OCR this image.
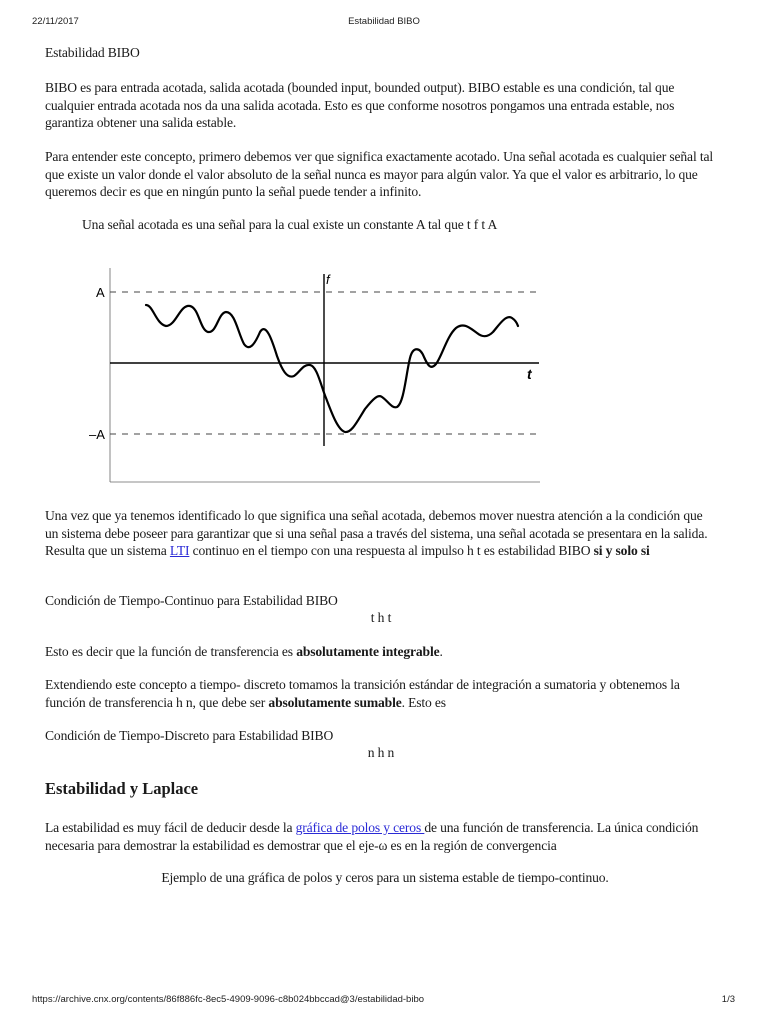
22/11/2017	Estabilidad BIBO
Estabilidad BIBO

BIBO es para entrada acotada, salida acotada (bounded input, bounded output). BIBO estable es una condición, tal que cualquier entrada acotada nos da una salida acotada. Esto es que conforme nosotros pongamos una entrada estable, nos garantiza obtener una salida estable.

Para entender este concepto, primero debemos ver que significa exactamente acotado. Una señal acotada es cualquier señal tal que existe un valor donde el valor absoluto de la señal nunca es mayor para algún valor. Ya que el valor es arbitrario, lo que queremos decir es que en ningún punto la señal puede tender a infinito.

Una señal acotada es una señal para la cual existe un constante A tal que t f t A
f
t
A
–A

Una vez que ya tenemos identificado lo que significa una señal acotada, debemos mover nuestra atención a la condición que un sistema debe poseer para garantizar que si una señal pasa a través del sistema, una señal acotada se presentara en la salida. Resulta que un sistema LTI continuo en el tiempo con una respuesta al impulso h t es estabilidad BIBO si y solo si

Condición de Tiempo-Continuo para Estabilidad BIBO
t h t

Esto es decir que la función de transferencia es absolutamente integrable.

Extendiendo este concepto a tiempo- discreto tomamos la transición estándar de integración a sumatoria y obtenemos la función de transferencia h n, que debe ser absolutamente sumable. Esto es

Condición de Tiempo-Discreto para Estabilidad BIBO
n h n
Estabilidad y Laplace

La estabilidad es muy fácil de deducir desde la gráfica de polos y ceros de una función de transferencia. La única condición necesaria para demostrar la estabilidad es demostrar que el eje-ω es en la región de convergencia

Ejemplo de una gráfica de polos y ceros para un sistema estable de tiempo-continuo.
https://archive.cnx.org/contents/86f886fc-8ec5-4909-9096-c8b024bbccad@3/estabilidad-bibo	1/3
